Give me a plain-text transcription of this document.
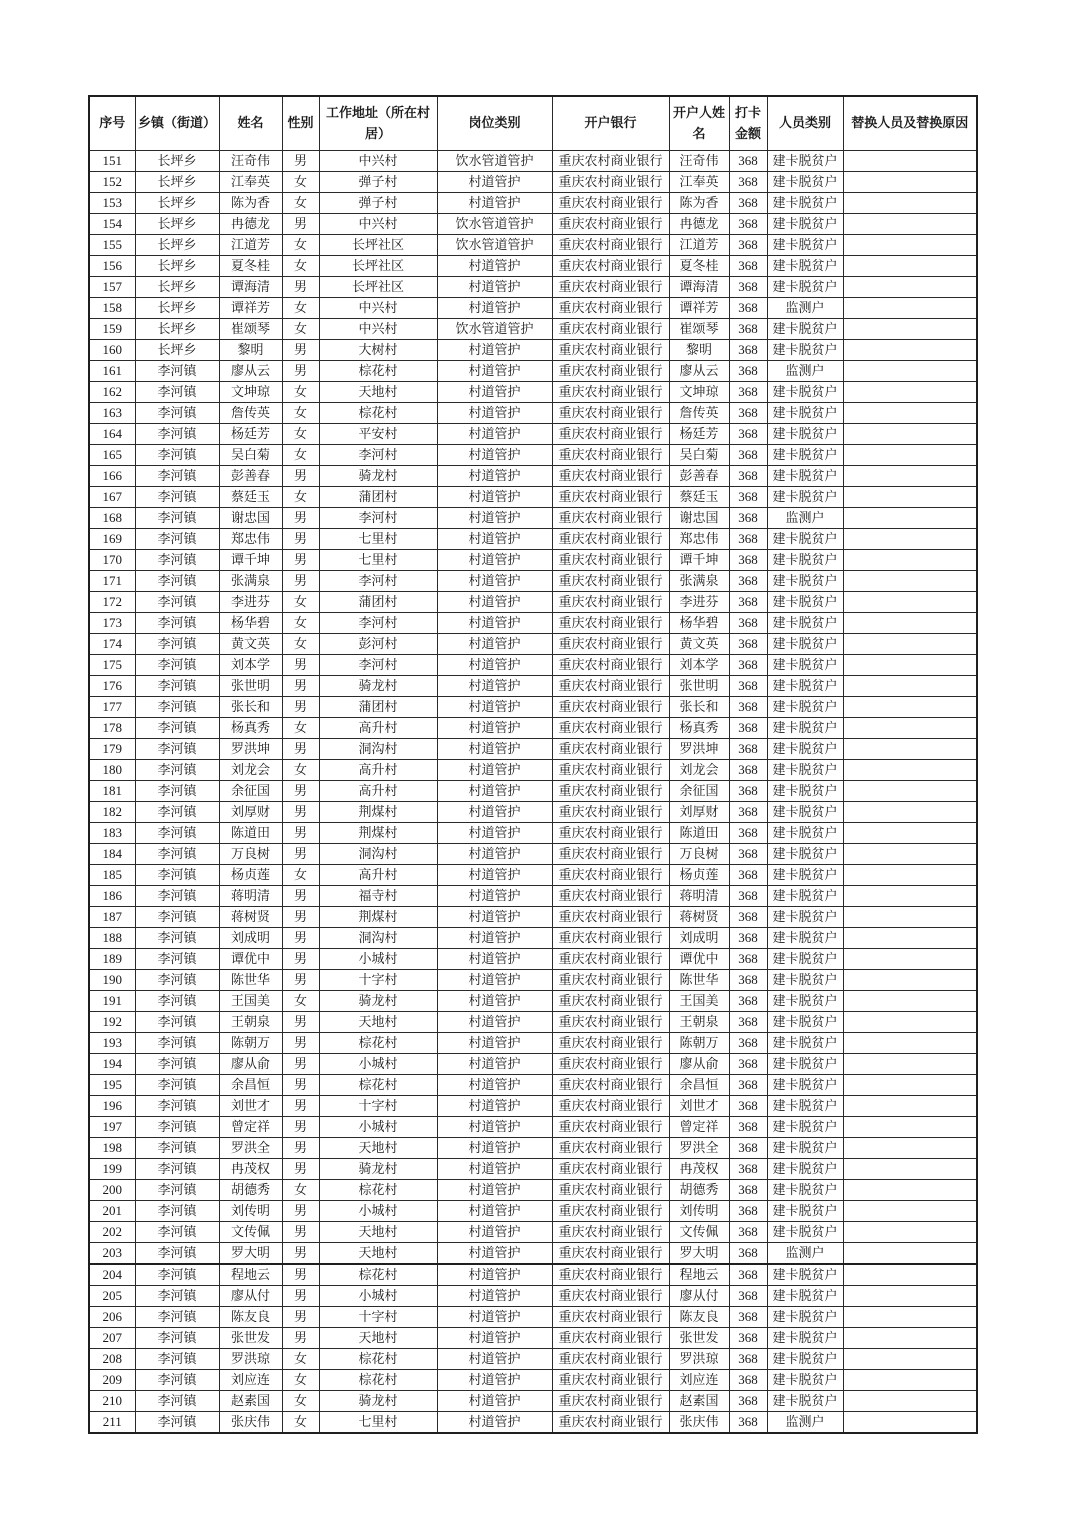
序号	乡镇（街道）	姓名	性别	工作地址（所在村居）	岗位类别	开户银行	开户人姓名	打卡金额	人员类别	替换人员及替换原因
151	长坪乡	汪奇伟	男	中兴村	饮水管道管护	重庆农村商业银行	汪奇伟	368	建卡脱贫户	
152	长坪乡	江奉英	女	弹子村	村道管护	重庆农村商业银行	江奉英	368	建卡脱贫户	
153	长坪乡	陈为香	女	弹子村	村道管护	重庆农村商业银行	陈为香	368	建卡脱贫户	
154	长坪乡	冉德龙	男	中兴村	饮水管道管护	重庆农村商业银行	冉德龙	368	建卡脱贫户	
155	长坪乡	江道芳	女	长坪社区	饮水管道管护	重庆农村商业银行	江道芳	368	建卡脱贫户	
156	长坪乡	夏冬桂	女	长坪社区	村道管护	重庆农村商业银行	夏冬桂	368	建卡脱贫户	
157	长坪乡	谭海清	男	长坪社区	村道管护	重庆农村商业银行	谭海清	368	建卡脱贫户	
158	长坪乡	谭祥芳	女	中兴村	村道管护	重庆农村商业银行	谭祥芳	368	监测户	
159	长坪乡	崔颂琴	女	中兴村	饮水管道管护	重庆农村商业银行	崔颂琴	368	建卡脱贫户	
160	长坪乡	黎明	男	大树村	村道管护	重庆农村商业银行	黎明	368	建卡脱贫户	
161	李河镇	廖从云	男	棕花村	村道管护	重庆农村商业银行	廖从云	368	监测户	
162	李河镇	文坤琼	女	天地村	村道管护	重庆农村商业银行	文坤琼	368	建卡脱贫户	
163	李河镇	詹传英	女	棕花村	村道管护	重庆农村商业银行	詹传英	368	建卡脱贫户	
164	李河镇	杨廷芳	女	平安村	村道管护	重庆农村商业银行	杨廷芳	368	建卡脱贫户	
165	李河镇	吴白菊	女	李河村	村道管护	重庆农村商业银行	吴白菊	368	建卡脱贫户	
166	李河镇	彭善春	男	骑龙村	村道管护	重庆农村商业银行	彭善春	368	建卡脱贫户	
167	李河镇	蔡廷玉	女	蒲团村	村道管护	重庆农村商业银行	蔡廷玉	368	建卡脱贫户	
168	李河镇	谢忠国	男	李河村	村道管护	重庆农村商业银行	谢忠国	368	监测户	
169	李河镇	郑忠伟	男	七里村	村道管护	重庆农村商业银行	郑忠伟	368	建卡脱贫户	
170	李河镇	谭千坤	男	七里村	村道管护	重庆农村商业银行	谭千坤	368	建卡脱贫户	
171	李河镇	张满泉	男	李河村	村道管护	重庆农村商业银行	张满泉	368	建卡脱贫户	
172	李河镇	李进芬	女	蒲团村	村道管护	重庆农村商业银行	李进芬	368	建卡脱贫户	
173	李河镇	杨华碧	女	李河村	村道管护	重庆农村商业银行	杨华碧	368	建卡脱贫户	
174	李河镇	黄文英	女	彭河村	村道管护	重庆农村商业银行	黄文英	368	建卡脱贫户	
175	李河镇	刘本学	男	李河村	村道管护	重庆农村商业银行	刘本学	368	建卡脱贫户	
176	李河镇	张世明	男	骑龙村	村道管护	重庆农村商业银行	张世明	368	建卡脱贫户	
177	李河镇	张长和	男	蒲团村	村道管护	重庆农村商业银行	张长和	368	建卡脱贫户	
178	李河镇	杨真秀	女	高升村	村道管护	重庆农村商业银行	杨真秀	368	建卡脱贫户	
179	李河镇	罗洪坤	男	洞沟村	村道管护	重庆农村商业银行	罗洪坤	368	建卡脱贫户	
180	李河镇	刘龙会	女	高升村	村道管护	重庆农村商业银行	刘龙会	368	建卡脱贫户	
181	李河镇	余征国	男	高升村	村道管护	重庆农村商业银行	余征国	368	建卡脱贫户	
182	李河镇	刘厚财	男	荆煤村	村道管护	重庆农村商业银行	刘厚财	368	建卡脱贫户	
183	李河镇	陈道田	男	荆煤村	村道管护	重庆农村商业银行	陈道田	368	建卡脱贫户	
184	李河镇	万良树	男	洞沟村	村道管护	重庆农村商业银行	万良树	368	建卡脱贫户	
185	李河镇	杨贞莲	女	高升村	村道管护	重庆农村商业银行	杨贞莲	368	建卡脱贫户	
186	李河镇	蒋明清	男	福寺村	村道管护	重庆农村商业银行	蒋明清	368	建卡脱贫户	
187	李河镇	蒋树贤	男	荆煤村	村道管护	重庆农村商业银行	蒋树贤	368	建卡脱贫户	
188	李河镇	刘成明	男	洞沟村	村道管护	重庆农村商业银行	刘成明	368	建卡脱贫户	
189	李河镇	谭优中	男	小城村	村道管护	重庆农村商业银行	谭优中	368	建卡脱贫户	
190	李河镇	陈世华	男	十字村	村道管护	重庆农村商业银行	陈世华	368	建卡脱贫户	
191	李河镇	王国美	女	骑龙村	村道管护	重庆农村商业银行	王国美	368	建卡脱贫户	
192	李河镇	王朝泉	男	天地村	村道管护	重庆农村商业银行	王朝泉	368	建卡脱贫户	
193	李河镇	陈朝万	男	棕花村	村道管护	重庆农村商业银行	陈朝万	368	建卡脱贫户	
194	李河镇	廖从俞	男	小城村	村道管护	重庆农村商业银行	廖从俞	368	建卡脱贫户	
195	李河镇	余昌恒	男	棕花村	村道管护	重庆农村商业银行	余昌恒	368	建卡脱贫户	
196	李河镇	刘世才	男	十字村	村道管护	重庆农村商业银行	刘世才	368	建卡脱贫户	
197	李河镇	曾定祥	男	小城村	村道管护	重庆农村商业银行	曾定祥	368	建卡脱贫户	
198	李河镇	罗洪全	男	天地村	村道管护	重庆农村商业银行	罗洪全	368	建卡脱贫户	
199	李河镇	冉茂权	男	骑龙村	村道管护	重庆农村商业银行	冉茂权	368	建卡脱贫户	
200	李河镇	胡德秀	女	棕花村	村道管护	重庆农村商业银行	胡德秀	368	建卡脱贫户	
201	李河镇	刘传明	男	小城村	村道管护	重庆农村商业银行	刘传明	368	建卡脱贫户	
202	李河镇	文传佩	男	天地村	村道管护	重庆农村商业银行	文传佩	368	建卡脱贫户	
203	李河镇	罗大明	男	天地村	村道管护	重庆农村商业银行	罗大明	368	监测户	
204	李河镇	程地云	男	棕花村	村道管护	重庆农村商业银行	程地云	368	建卡脱贫户	
205	李河镇	廖从付	男	小城村	村道管护	重庆农村商业银行	廖从付	368	建卡脱贫户	
206	李河镇	陈友良	男	十字村	村道管护	重庆农村商业银行	陈友良	368	建卡脱贫户	
207	李河镇	张世发	男	天地村	村道管护	重庆农村商业银行	张世发	368	建卡脱贫户	
208	李河镇	罗洪琼	女	棕花村	村道管护	重庆农村商业银行	罗洪琼	368	建卡脱贫户	
209	李河镇	刘应连	女	棕花村	村道管护	重庆农村商业银行	刘应连	368	建卡脱贫户	
210	李河镇	赵素国	女	骑龙村	村道管护	重庆农村商业银行	赵素国	368	建卡脱贫户	
211	李河镇	张庆伟	女	七里村	村道管护	重庆农村商业银行	张庆伟	368	监测户	
